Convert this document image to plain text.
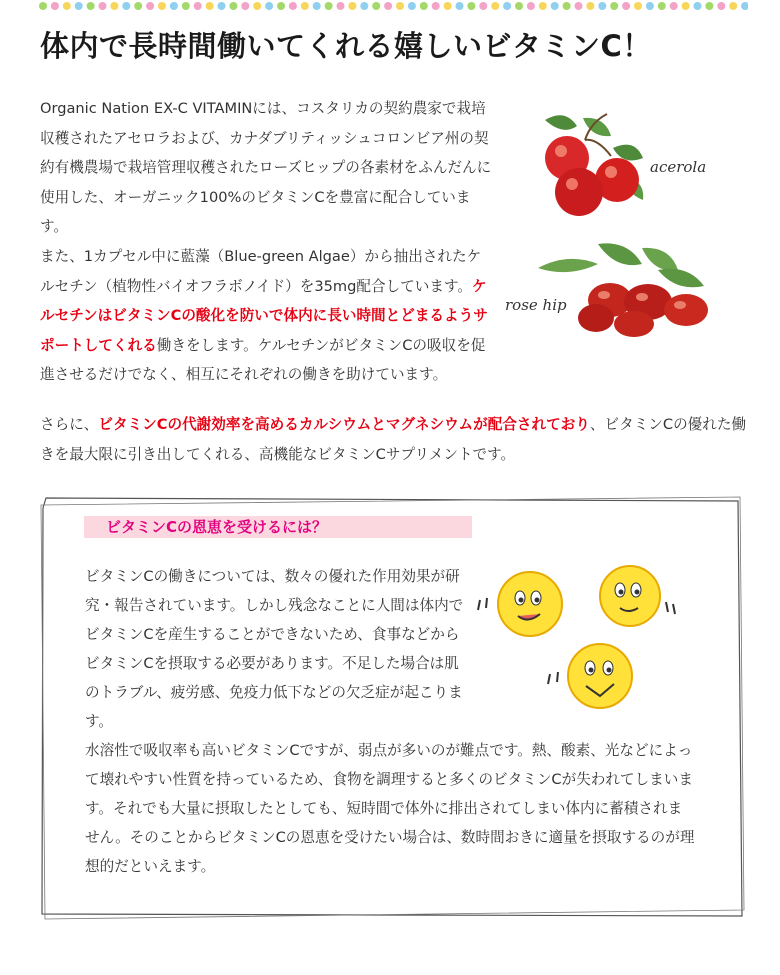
体内で長時間働いてくれる嬉しいビタミンC！

Organic Nation EX-C VITAMINには、コスタリカの契約農家で栽培収穫されたアセロラおよび、カナダブリティッシュコロンビア州の契約有機農場で栽培管理収穫されたローズヒップの各素材をふんだんに使用した、オーガニック100%のビタミンCを豊富に配合しています。

また、1カプセル中に藍藻（Blue-green Algae）から抽出されたケルセチン（植物性バイオフラボノイド）を35mg配合しています。ケルセチンはビタミンCの酸化を防いで体内に長い時間とどまるようサポートしてくれる働きをします。ケルセチンがビタミンCの吸収を促進させるだけでなく、相互にそれぞれの働きを助けています。

さらに、ビタミンCの代謝効率を高めるカルシウムとマグネシウムが配合されており、ビタミンCの優れた働きを最大限に引き出してくれる、高機能なビタミンCサプリメントです。
acerola
rose hip
ビタミンCの恩恵を受けるには？

ビタミンCの働きについては、数々の優れた作用効果が研究・報告されています。しかし残念なことに人間は体内でビタミンCを産生することができないため、食事などからビタミンCを摂取する必要があります。不足した場合は肌のトラブル、疲労感、免疫力低下などの欠乏症が起こります。

水溶性で吸収率も高いビタミンCですが、弱点が多いのが難点です。熱、酸素、光などによって壊れやすい性質を持っているため、食物を調理すると多くのビタミンCが失われてしまいます。それでも大量に摂取したとしても、短時間で体外に排出されてしまい体内に蓄積されません。そのことからビタミンCの恩恵を受けたい場合は、数時間おきに適量を摂取するのが理想的だといえます。
